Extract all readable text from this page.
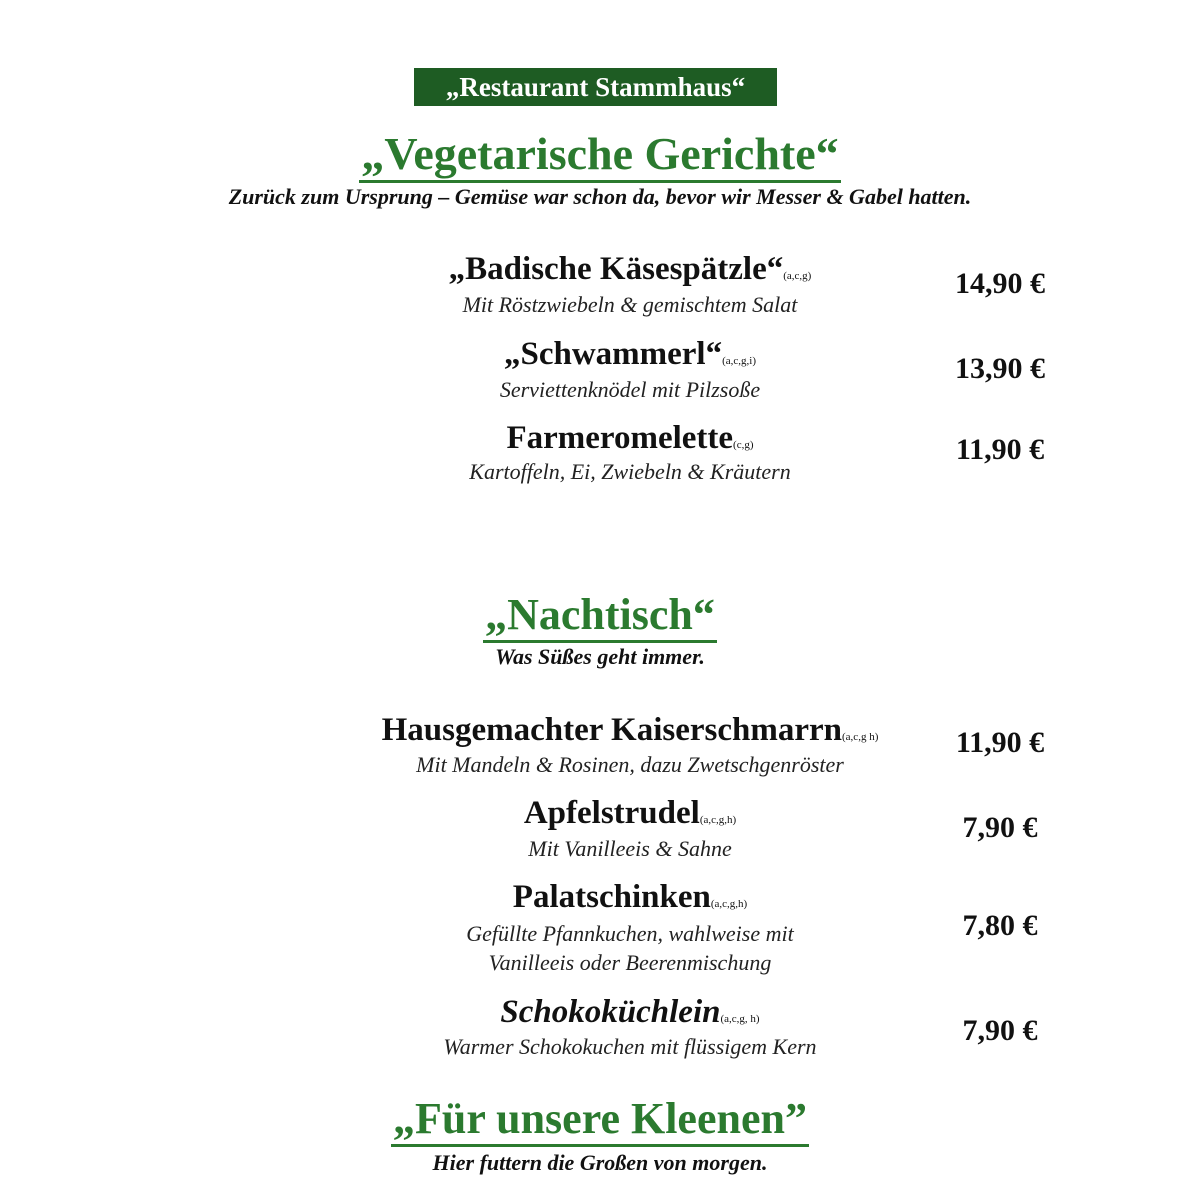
„Restaurant Stammhaus“
„Vegetarische Gerichte“
Zurück zum Ursprung – Gemüse war schon da, bevor wir Messer & Gabel hatten.
„Badische Käsespätzle“(a,c,g)
Mit Röstzwiebeln & gemischtem Salat
14,90 €
„Schwammerl“(a,c,g,i)
Serviettenknödel mit Pilzsoße
13,90 €
Farmeromelette(c,g)
Kartoffeln, Ei, Zwiebeln & Kräutern
11,90 €
„Nachtisch“
Was Süßes geht immer.
Hausgemachter Kaiserschmarrn(a,c,g h)
Mit Mandeln & Rosinen, dazu Zwetschgenröster
11,90 €
Apfelstrudel(a,c,g,h)
Mit Vanilleeis & Sahne
7,90 €
Palatschinken(a,c,g,h)
Gefüllte Pfannkuchen, wahlweise mit
Vanilleeis oder Beerenmischung
7,80 €
Schokoküchlein(a,c,g, h)
Warmer Schokokuchen mit flüssigem Kern	7,90 €
„Für unsere Kleenen”
Hier futtern die Großen von morgen.
